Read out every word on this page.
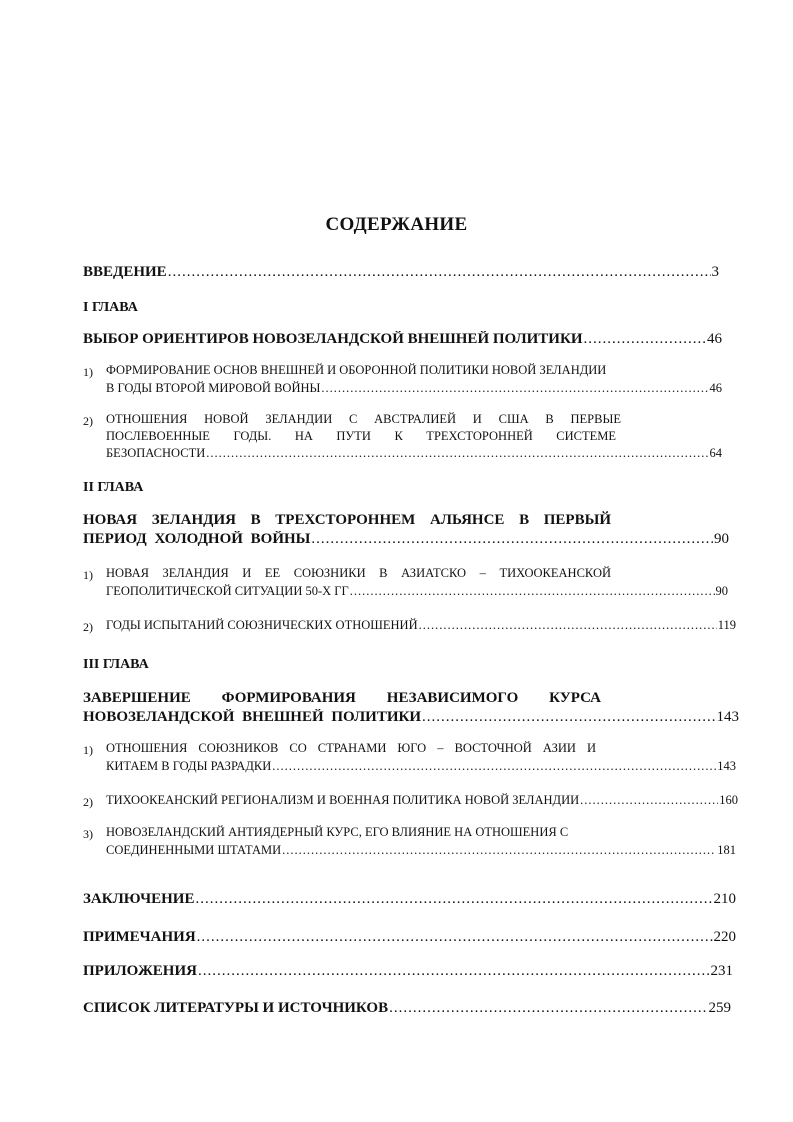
СОДЕРЖАНИЕ
ВВЕДЕНИЕ .....	3
I ГЛАВА
ВЫБОР ОРИЕНТИРОВ НОВОЗЕЛАНДСКОЙ ВНЕШНЕЙ ПОЛИТИКИ .....	46
1) ФОРМИРОВАНИЕ ОСНОВ ВНЕШНЕЙ И ОБОРОННОЙ ПОЛИТИКИ НОВОЙ ЗЕЛАНДИИ
В ГОДЫ ВТОРОЙ МИРОВОЙ ВОЙНЫ .....	46
2) ОТНОШЕНИЯ НОВОЙ ЗЕЛАНДИИ С АВСТРАЛИЕЙ И США В ПЕРВЫЕ
ПОСЛЕВОЕННЫЕ ГОДЫ. НА ПУТИ К ТРЕХСТОРОННЕЙ СИСТЕМЕ
БЕЗОПАСНОСТИ .....	64
II ГЛАВА
НОВАЯ ЗЕЛАНДИЯ В ТРЕХСТОРОННЕМ АЛЬЯНСЕ В ПЕРВЫЙ
ПЕРИОД ХОЛОДНОЙ ВОЙНЫ .....	90
1) НОВАЯ ЗЕЛАНДИЯ И ЕЕ СОЮЗНИКИ В АЗИАТСКО – ТИХООКЕАНСКОЙ
ГЕОПОЛИТИЧЕСКОЙ СИТУАЦИИ 50-Х ГГ .....	90
2) ГОДЫ ИСПЫТАНИЙ СОЮЗНИЧЕСКИХ ОТНОШЕНИЙ .....	119
III ГЛАВА
ЗАВЕРШЕНИЕ ФОРМИРОВАНИЯ НЕЗАВИСИМОГО КУРСА
НОВОЗЕЛАНДСКОЙ ВНЕШНЕЙ ПОЛИТИКИ .....	143
1) ОТНОШЕНИЯ СОЮЗНИКОВ СО СТРАНАМИ ЮГО – ВОСТОЧНОЙ АЗИИ И
КИТАЕМ В ГОДЫ РАЗРАДКИ .....	143
2) ТИХООКЕАНСКИЙ РЕГИОНАЛИЗМ И ВОЕННАЯ ПОЛИТИКА НОВОЙ ЗЕЛАНДИИ .....	160
3) НОВОЗЕЛАНДСКИЙ АНТИЯДЕРНЫЙ КУРС, ЕГО ВЛИЯНИЕ НА ОТНОШЕНИЯ С
СОЕДИНЕННЫМИ ШТАТАМИ .....	181
ЗАКЛЮЧЕНИЕ .....	210
ПРИМЕЧАНИЯ .....	220
ПРИЛОЖЕНИЯ .....	231
СПИСОК ЛИТЕРАТУРЫ И ИСТОЧНИКОВ .....	259
